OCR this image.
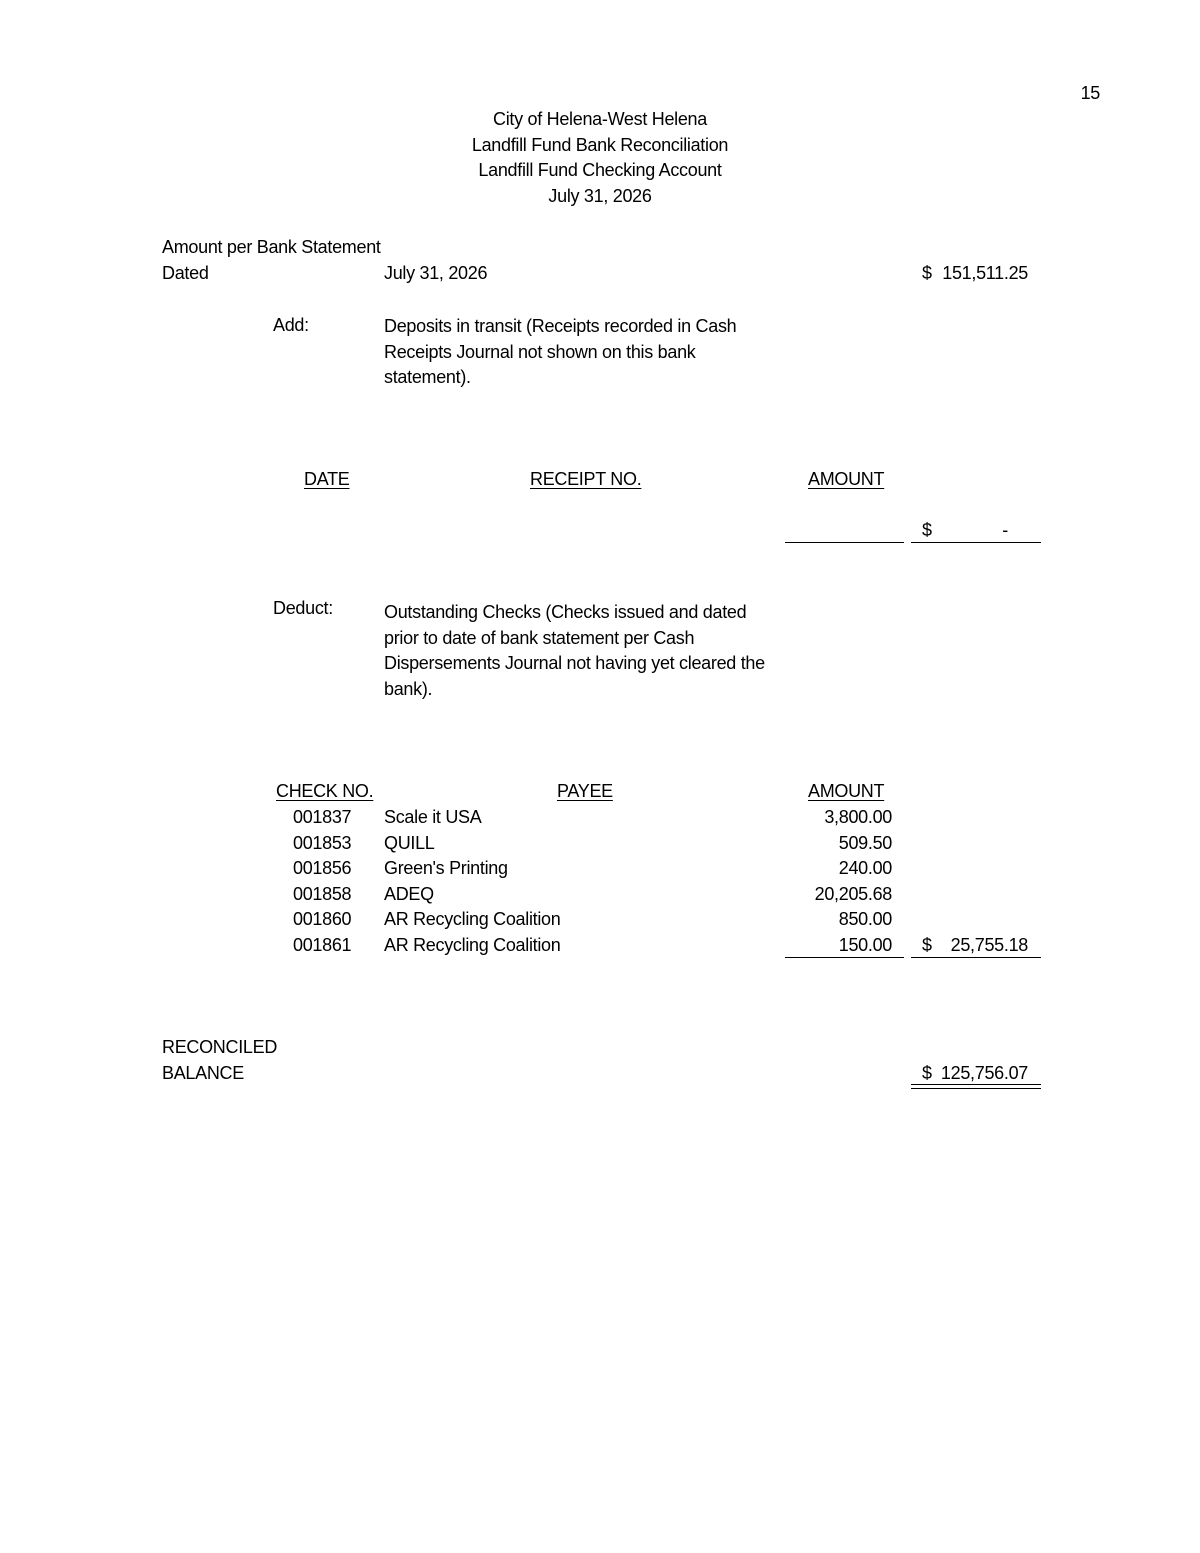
15
City of Helena-West Helena
Landfill Fund Bank Reconciliation
Landfill Fund Checking Account
July 31, 2026
Amount per Bank Statement
Dated	July 31, 2026	$ 151,511.25
Add:	Deposits in transit (Receipts recorded in Cash Receipts Journal not shown on this bank statement).
DATE	RECEIPT NO.	AMOUNT
$	-
Deduct:	Outstanding Checks (Checks issued and dated prior to date of bank statement per Cash Dispersements Journal not having yet cleared the bank).
CHECK NO.	PAYEE	AMOUNT
001837 Scale it USA	3,800.00
001853 QUILL	509.50
001856 Green's Printing	240.00
001858 ADEQ	20,205.68
001860 AR Recycling Coalition	850.00
001861 AR Recycling Coalition	150.00 $	25,755.18
RECONCILED
BALANCE	$ 125,756.07
